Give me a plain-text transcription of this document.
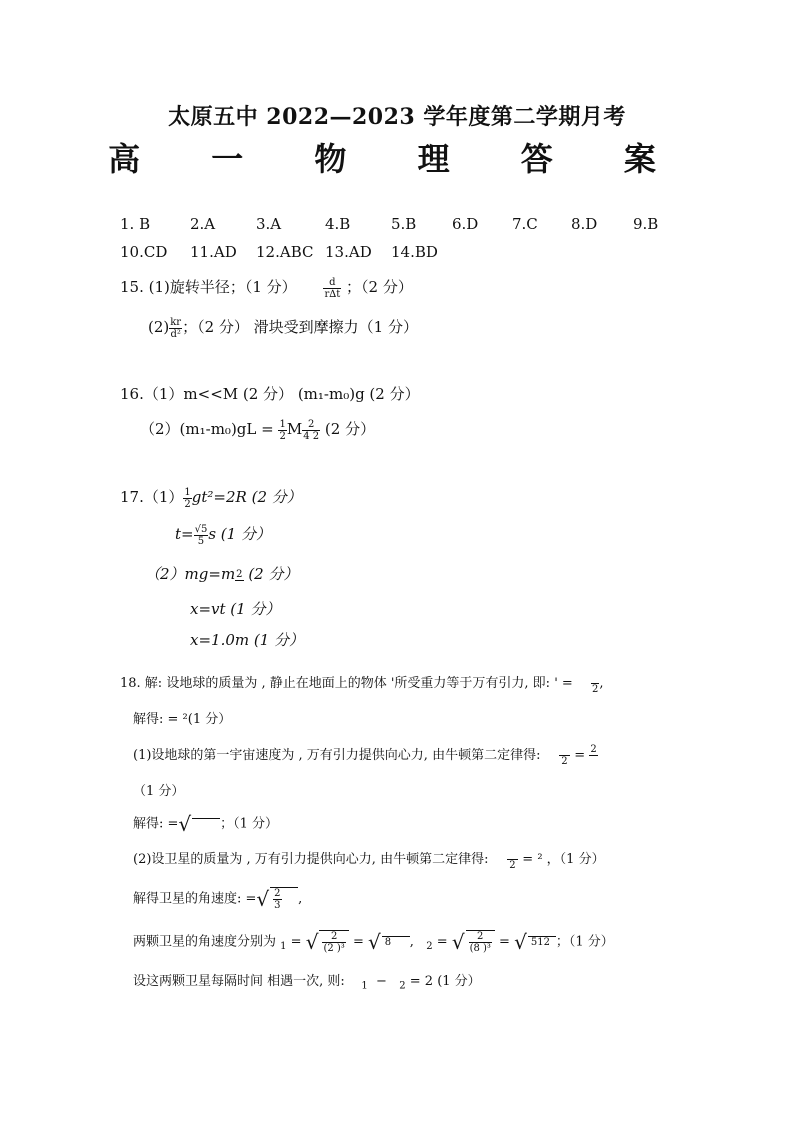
太原五中 2022—2023 学年度第二学期月考
高 一 物 理 答 案
1. B	2.A	3.A	4.B	5.B 6.D 7.C 8.D 9.B
10.CD 11.AD 12.ABC 13.AD 14.BD
15. (1)旋转半径；（1 分）	$\frac{d}{r\Delta t}$ ；（2 分）
$(2) \frac{kr}{\text{d²}}$ ；（2 分） 滑块受到摩擦力（1 分）
16.（1）m<<M (2 分） (m₁-m₀)g (2 分）
$(2)(m_1-m_0)gL = \frac{1}{2}$ M $\frac{2}{4 2} (2$ 分）
$17.(1) \frac{1}{2} gt^2=2R$ (2 分）
$t= \frac{√5}{5}$ s (1 分）
（2）mg=m 2 (2 分）
x=vt (1 分）
x=1.0m (1 分）
18. 解: 设地球的质量为 , 静止在地面上的物体 '所受重力等于万有引力, 即: ' =
2 ,
解得: = ²(1 分）
(1)设地球的第一宇宙速度为 , 万有引力提供向心力, 由牛顿第二定律得:
2 = 2

（1 分）
解得: =√ ；（1 分）
(2)设卫星的质量为 , 万有引力提供向心力, 由牛顿第二定律得:
2 = ² ，（1 分）
解得卫星的角速度: =√ $\frac{2}{3}$ ,
两颗卫星的角速度分别为 $_1$ = √ $\frac{2}{\text{(2 )³}}$ = √ 8 ,   $_2$ = √ $\frac{2}{\text{(8 )³}}$ = √ 512 ；（1 分）
设这两颗卫星每隔时间 相遇一次, 则: $_1$ − $_2$ = 2 (1 分）
